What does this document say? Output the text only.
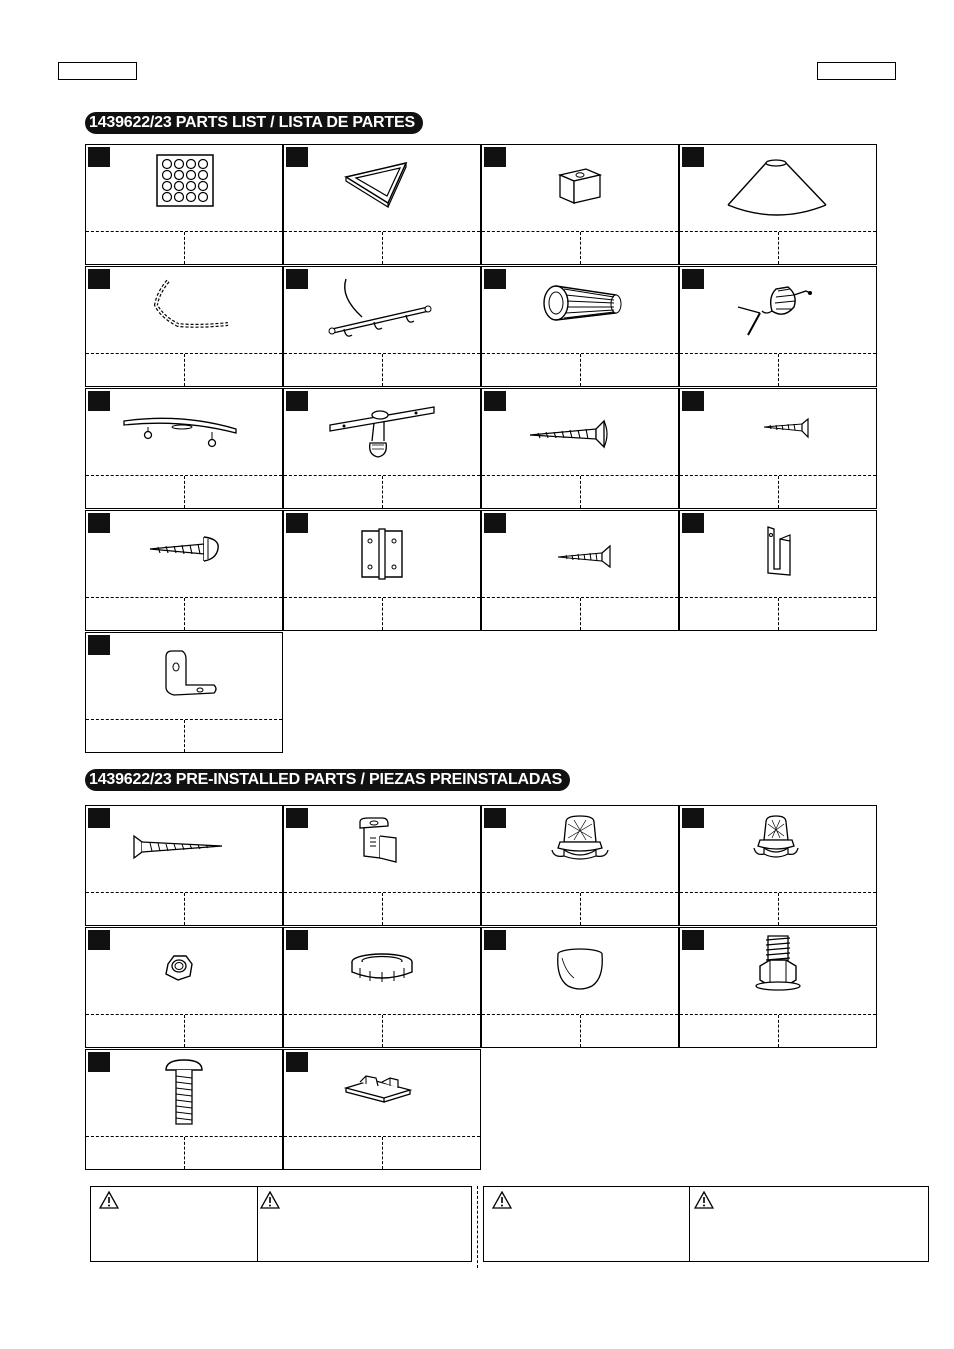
1439622/23 PARTS LIST / LISTA DE PARTES
1439622/23 PRE-INSTALLED PARTS / PIEZAS PREINSTALADAS
